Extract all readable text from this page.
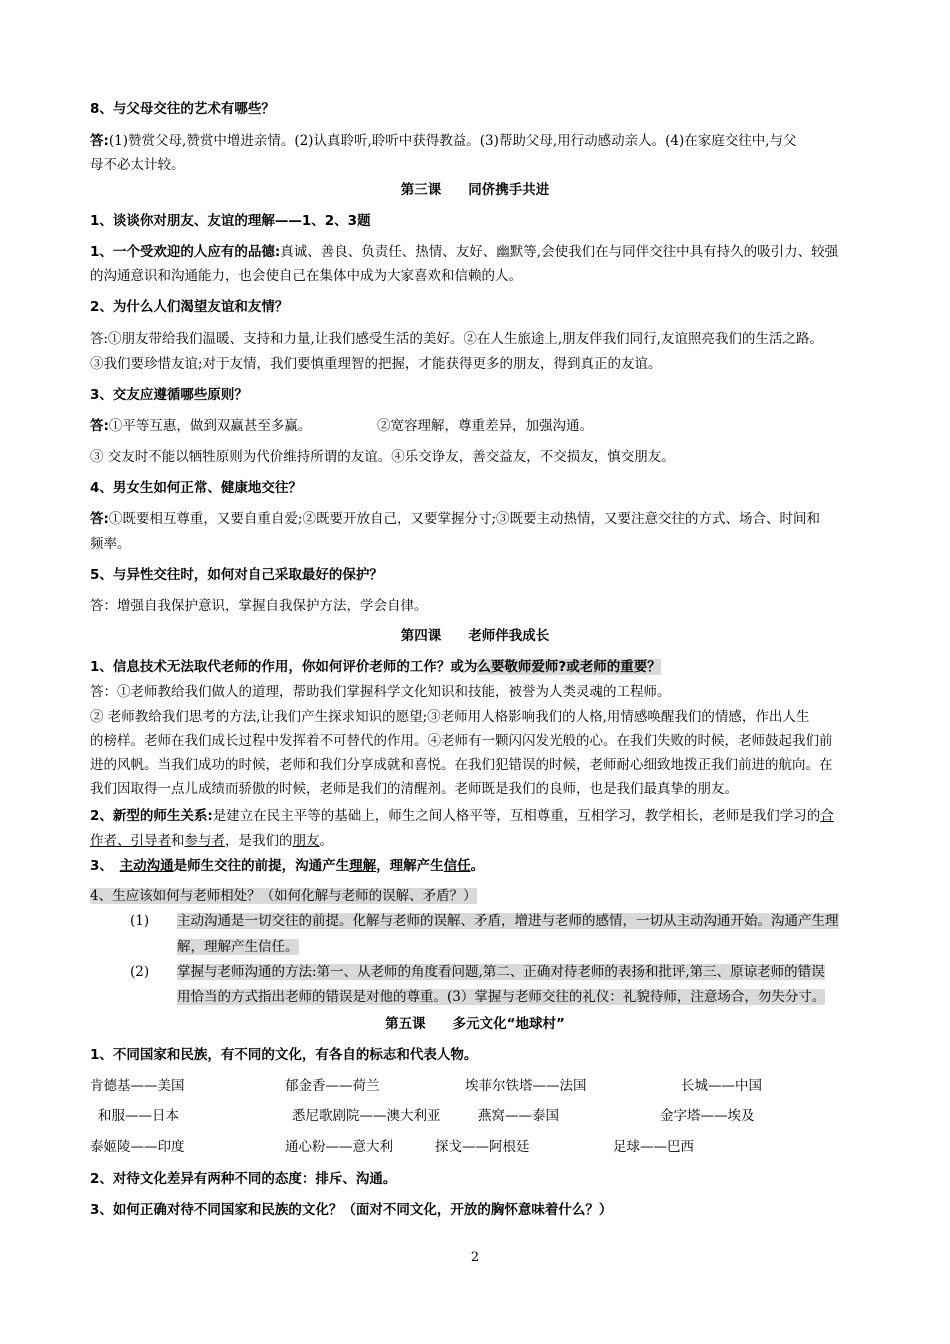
8、与父母交往的艺术有哪些？
答:(1)赞赏父母,赞赏中增进亲情。(2)认真聆听,聆听中获得教益。(3)帮助父母,用行动感动亲人。(4)在家庭交往中,与父
母不必太计较。
第三课　　同侪携手共进
1、谈谈你对朋友、友谊的理解——1、2、3题
1、一个受欢迎的人应有的品德:真诚、善良、负责任、热情、友好、幽默等,会使我们在与同伴交往中具有持久的吸引力、较强
的沟通意识和沟通能力，也会使自己在集体中成为大家喜欢和信赖的人。
2、为什么人们渴望友谊和友情？
答:①朋友带给我们温暖、支持和力量,让我们感受生活的美好。②在人生旅途上,朋友伴我们同行,友谊照亮我们的生活之路。
③我们要珍惜友谊;对于友情，我们要慎重理智的把握，才能获得更多的朋友，得到真正的友谊。
3、交友应遵循哪些原则？
答:①平等互惠，做到双赢甚至多赢。	②宽容理解，尊重差异，加强沟通。
③ 交友时不能以牺牲原则为代价维持所谓的友谊。④乐交诤友，善交益友，不交损友，慎交朋友。
4、男女生如何正常、健康地交往？
答:①既要相互尊重，又要自重自爱;②既要开放自己，又要掌握分寸;③既要主动热情，又要注意交往的方式、场合、时间和
频率。
5、与异性交往时，如何对自己采取最好的保护？
答：增强自我保护意识，掌握自我保护方法，学会自律。
第四课　　老师伴我成长
1、信息技术无法取代老师的作用，你如何评价老师的工作？或为么要敬师爱师?或老师的重要？
答：①老师教给我们做人的道理，帮助我们掌握科学文化知识和技能，被誉为人类灵魂的工程师。
② 老师教给我们思考的方法,让我们产生探求知识的愿望;③老师用人格影响我们的人格,用情感唤醒我们的情感，作出人生
的榜样。老师在我们成长过程中发挥着不可替代的作用。④老师有一颗闪闪发光般的心。在我们失败的时候，老师鼓起我们前
进的风帆。当我们成功的时候，老师和我们分享成就和喜悦。在我们犯错误的时候，老师耐心细致地拨正我们前进的航向。在
我们因取得一点儿成绩而骄傲的时候，老师是我们的清醒剂。老师既是我们的良师，也是我们最真挚的朋友。
2、新型的师生关系:是建立在民主平等的基础上，师生之间人格平等，互相尊重，互相学习，教学相长，老师是我们学习的合
作者、引导者和参与者，是我们的朋友。
3、　主动沟通是师生交往的前提，沟通产生理解，理解产生信任。
4、生应该如何与老师相处？（如何化解与老师的误解、矛盾？）
(1) 主动沟通是一切交往的前提。化解与老师的误解、矛盾，增进与老师的感情，一切从主动沟通开始。沟通产生理
解，理解产生信任。
(2) 掌握与老师沟通的方法:第一、从老师的角度看问题,第二、正确对待老师的表扬和批评,第三、原谅老师的错误
用恰当的方式指出老师的错误是对他的尊重。(3）掌握与老师交往的礼仪：礼貌待师，注意场合，勿失分寸。
第五课　　多元文化“地球村”
1、不同国家和民族，有不同的文化，有各自的标志和代表人物。
肯德基——美国	郁金香——荷兰	埃菲尔铁塔——法国	长城——中国
和服——日本	悉尼歌剧院——澳大利亚	燕窝——泰国	金字塔——埃及
泰姬陵——印度	通心粉——意大利	探戈——阿根廷	足球——巴西
2、对待文化差异有两种不同的态度：排斥、沟通。
3、如何正确对待不同国家和民族的文化？（面对不同文化，开放的胸怀意味着什么？）
2
